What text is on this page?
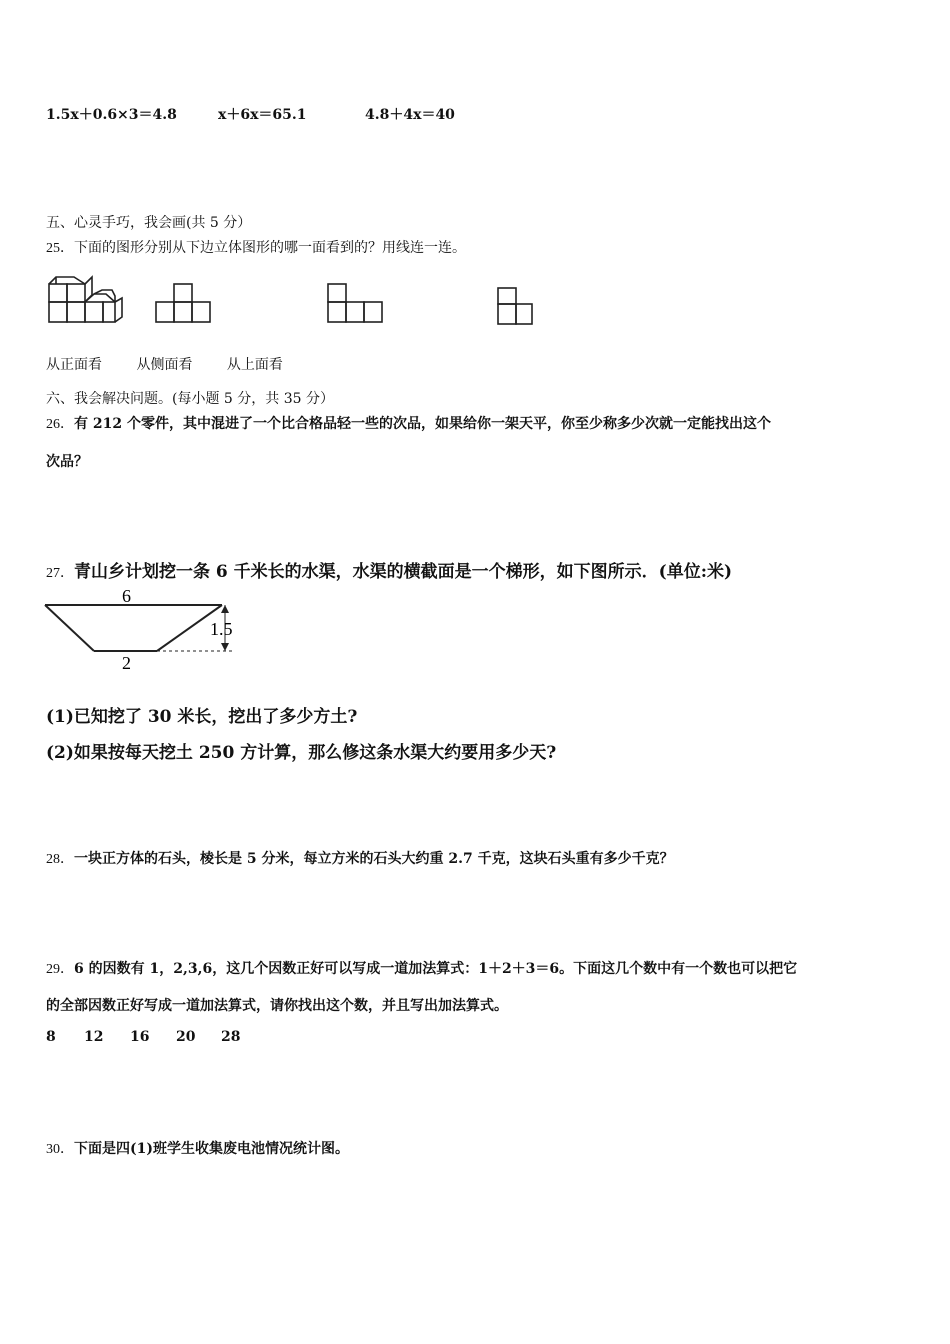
1.5x＋0.6×3＝4.8	x＋6x＝65.1	4.8＋4x＝40
五、心灵手巧，我会画(共 5 分）
25．下面的图形分别从下边立体图形的哪一面看到的？用线连一连。
从正面看 从侧面看 从上面看
六、我会解决问题。(每小题 5 分，共 35 分）
26．有 212 个零件，其中混进了一个比合格品轻一些的次品，如果给你一架天平，你至少称多少次就一定能找出这个
次品？
27．青山乡计划挖一条 6 千米长的水渠，水渠的横截面是一个梯形，如下图所示．(单位:米)
6
2
1.5
(1)已知挖了 30 米长，挖出了多少方土?
(2)如果按每天挖土 250 方计算，那么修这条水渠大约要用多少天?
28．一块正方体的石头，棱长是 5 分米，每立方米的石头大约重 2.7 千克，这块石头重有多少千克？
29．6 的因数有 1，2,3,6，这几个因数正好可以写成一道加法算式：1＋2＋3＝6。下面这几个数中有一个数也可以把它
的全部因数正好写成一道加法算式，请你找出这个数，并且写出加法算式。
8 12 16 20 28
30．下面是四(1)班学生收集废电池情况统计图。
